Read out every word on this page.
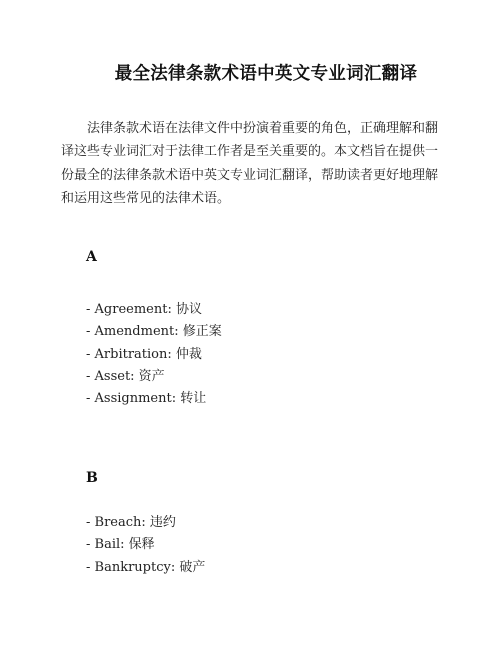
最全法律条款术语中英文专业词汇翻译

法律条款术语在法律文件中扮演着重要的角色，正确理解和翻
译这些专业词汇对于法律工作者是至关重要的。本文档旨在提供一
份最全的法律条款术语中英文专业词汇翻译，帮助读者更好地理解
和运用这些常见的法律术语。

A
- Agreement: 协议
- Amendment: 修正案
- Arbitration: 仲裁
- Asset: 资产
- Assignment: 转让
B
- Breach: 违约
- Bail: 保释
- Bankruptcy: 破产
